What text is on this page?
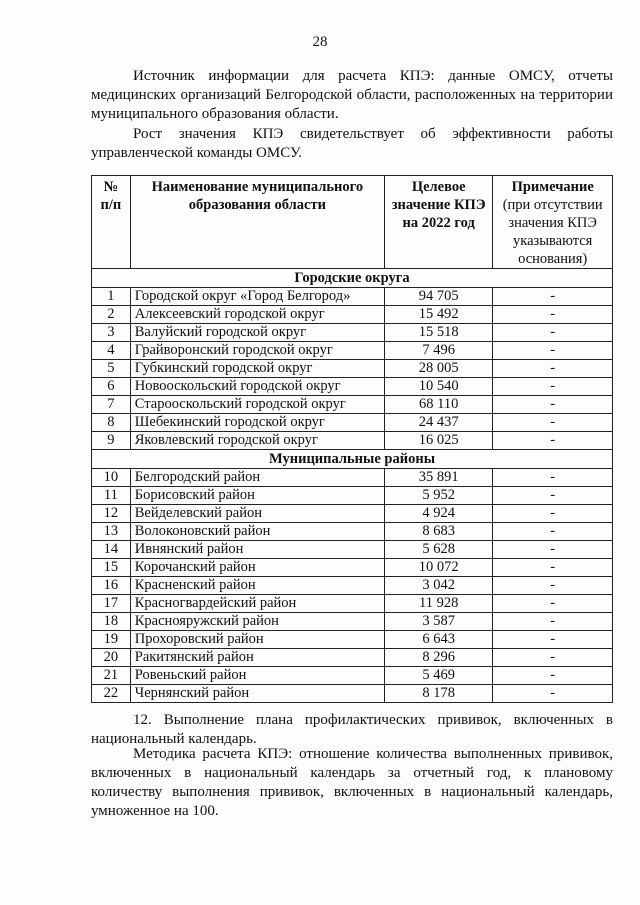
28

Источник информации для расчета КПЭ: данные ОМСУ, отчеты медицинских организаций Белгородской области, расположенных на территории муниципального образования области.

Рост значения КПЭ свидетельствует об эффективности работы управленческой команды ОМСУ.

№ п/п	Наименование муниципального образования области	Целевое значение КПЭ на 2022 год	Примечание
(при отсутствии значения КПЭ указываются основания)

Городские округа			
1	Городской округ «Город Белгород»	94 705	-
2	Алексеевский городской округ	15 492	-
3	Валуйский городской округ	15 518	-
4	Грайворонский городской округ	7 496	-
5	Губкинский городской округ	28 005	-
6	Новооскольский городской округ	10 540	-
7	Старооскольский городской округ	68 110	-
8	Шебекинский городской округ	24 437	-
9	Яковлевский городской округ	16 025	-
Муниципальные районы			
10	Белгородский район	35 891	-
11	Борисовский район	5 952	-
12	Вейделевский район	4 924	-
13	Волоконовский район	8 683	-
14	Ивнянский район	5 628	-
15	Корочанский район	10 072	-
16	Красненский район	3 042	-
17	Красногвардейский район	11 928	-
18	Краснояружский район	3 587	-
19	Прохоровский район	6 643	-
20	Ракитянский район	8 296	-
21	Ровеньский район	5 469	-
22	Чернянский район	8 178	-

12. Выполнение плана профилактических прививок, включенных в национальный календарь.

Методика расчета КПЭ: отношение количества выполненных прививок, включенных в национальный календарь за отчетный год, к плановому количеству выполнения прививок, включенных в национальный календарь, умноженное на 100.
